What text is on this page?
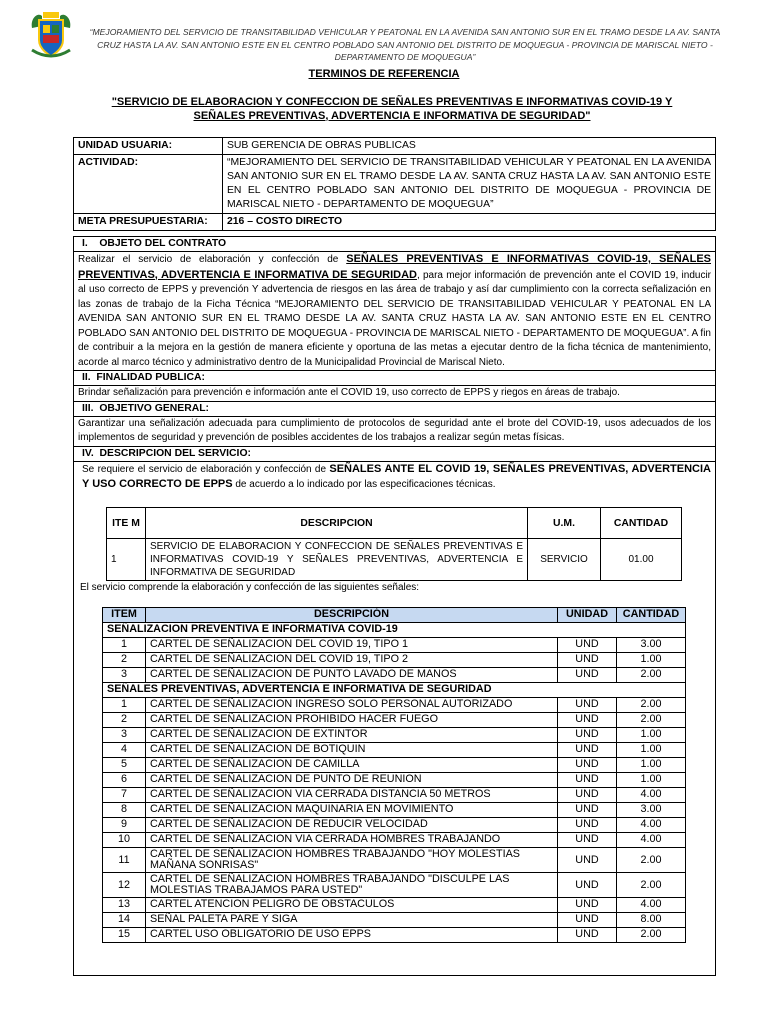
“MEJORAMIENTO DEL SERVICIO DE TRANSITABILIDAD VEHICULAR Y PEATONAL EN LA AVENIDA SAN ANTONIO SUR EN EL TRAMO DESDE LA AV. SANTA CRUZ HASTA LA AV. SAN ANTONIO ESTE EN EL CENTRO POBLADO SAN ANTONIO DEL DISTRITO DE MOQUEGUA - PROVINCIA DE MARISCAL NIETO - DEPARTAMENTO DE MOQUEGUA”
TERMINOS DE REFERENCIA
"SERVICIO DE ELABORACION Y CONFECCION DE SEÑALES PREVENTIVAS E INFORMATIVAS COVID-19 Y SEÑALES PREVENTIVAS, ADVERTENCIA E INFORMATIVA DE SEGURIDAD"
UNIDAD USUARIA:	SUB GERENCIA DE OBRAS PUBLICAS
ACTIVIDAD:	“MEJORAMIENTO DEL SERVICIO DE TRANSITABILIDAD VEHICULAR Y PEATONAL EN LA AVENIDA SAN ANTONIO SUR EN EL TRAMO DESDE LA AV. SANTA CRUZ HASTA LA AV. SAN ANTONIO ESTE EN EL CENTRO POBLADO SAN ANTONIO DEL DISTRITO DE MOQUEGUA - PROVINCIA DE MARISCAL NIETO - DEPARTAMENTO DE MOQUEGUA”
META PRESUPUESTARIA:	216 – COSTO DIRECTO
I.    OBJETO DEL CONTRATO
Realizar el servicio de elaboración y confección de SEÑALES PREVENTIVAS E INFORMATIVAS COVID-19, SEÑALES PREVENTIVAS, ADVERTENCIA E INFORMATIVA DE SEGURIDAD, para mejor información de prevención ante el COVID 19, inducir al uso correcto de EPPS y prevención Y advertencia de riesgos en las área de trabajo y así dar cumplimiento con la correcta señalización en las zonas de trabajo de la Ficha Técnica “MEJORAMIENTO DEL SERVICIO DE TRANSITABILIDAD VEHICULAR Y PEATONAL EN LA AVENIDA SAN ANTONIO SUR EN EL TRAMO DESDE LA AV. SANTA CRUZ HASTA LA AV. SAN ANTONIO ESTE EN EL CENTRO POBLADO SAN ANTONIO DEL DISTRITO DE MOQUEGUA - PROVINCIA DE MARISCAL NIETO - DEPARTAMENTO DE MOQUEGUA”. A fin de contribuir a la mejora en la gestión de manera eficiente y oportuna de las metas a ejecutar dentro de la ficha técnica de mantenimiento, acorde al marco técnico y administrativo dentro de la Municipalidad Provincial de Mariscal Nieto.
II.  FINALIDAD PUBLICA:
Brindar señalización para prevención e información ante el COVID 19, uso correcto de EPPS y riegos en áreas de trabajo.
III.  OBJETIVO GENERAL:
Garantizar una señalización adecuada para cumplimiento de protocolos de seguridad ante el brote del COVID-19, usos adecuados de los implementos de seguridad y prevención de posibles accidentes de los trabajos a realizar según metas físicas.
IV.  DESCRIPCION DEL SERVICIO:
Se requiere el servicio de elaboración y confección de SEÑALES ANTE EL COVID 19, SEÑALES PREVENTIVAS, ADVERTENCIA Y USO CORRECTO DE EPPS de acuerdo a lo indicado por las especificaciones técnicas.
El servicio comprende la elaboración y confección de las siguientes señales:
ITE M	DESCRIPCION	U.M.	CANTIDAD
1	SERVICIO DE ELABORACION Y CONFECCION DE SEÑALES PREVENTIVAS E INFORMATIVAS COVID-19 Y SEÑALES PREVENTIVAS, ADVERTENCIA E INFORMATIVA DE SEGURIDAD	SERVICIO	01.00
ITEM	DESCRIPCIÓN	UNIDAD	CANTIDAD
SEÑALIZACION PREVENTIVA E INFORMATIVA COVID-19			
1	CARTEL DE SEÑALIZACION DEL COVID 19, TIPO 1	UND	3.00
2	CARTEL DE SEÑALIZACION DEL COVID 19, TIPO 2	UND	1.00
3	CARTEL DE SEÑALIZACION DE PUNTO LAVADO DE MANOS	UND	2.00
SEÑALES PREVENTIVAS, ADVERTENCIA E INFORMATIVA DE SEGURIDAD			
1	CARTEL DE SEÑALIZACION INGRESO SOLO PERSONAL AUTORIZADO	UND	2.00
2	CARTEL DE SEÑALIZACION PROHIBIDO HACER FUEGO	UND	2.00
3	CARTEL DE SEÑALIZACION DE EXTINTOR	UND	1.00
4	CARTEL DE SEÑALIZACION DE BOTIQUIN	UND	1.00
5	CARTEL DE SEÑALIZACION DE CAMILLA	UND	1.00
6	CARTEL DE SEÑALIZACION DE PUNTO DE REUNION	UND	1.00
7	CARTEL DE SEÑALIZACION VIA CERRADA DISTANCIA 50 METROS	UND	4.00
8	CARTEL DE SEÑALIZACION MAQUINARIA EN MOVIMIENTO	UND	3.00
9	CARTEL DE SEÑALIZACION DE REDUCIR VELOCIDAD	UND	4.00
10	CARTEL DE SEÑALIZACION VIA CERRADA HOMBRES TRABAJANDO	UND	4.00
11	CARTEL DE SEÑALIZACION HOMBRES TRABAJANDO "HOY MOLESTIAS MAÑANA SONRISAS"	UND	2.00
12	CARTEL DE SEÑALIZACION HOMBRES TRABAJANDO "DISCULPE LAS MOLESTIAS TRABAJAMOS PARA USTED"	UND	2.00
13	CARTEL ATENCION PELIGRO DE OBSTACULOS	UND	4.00
14	SEÑAL PALETA PARE Y SIGA	UND	8.00
15	CARTEL USO OBLIGATORIO DE USO EPPS	UND	2.00
